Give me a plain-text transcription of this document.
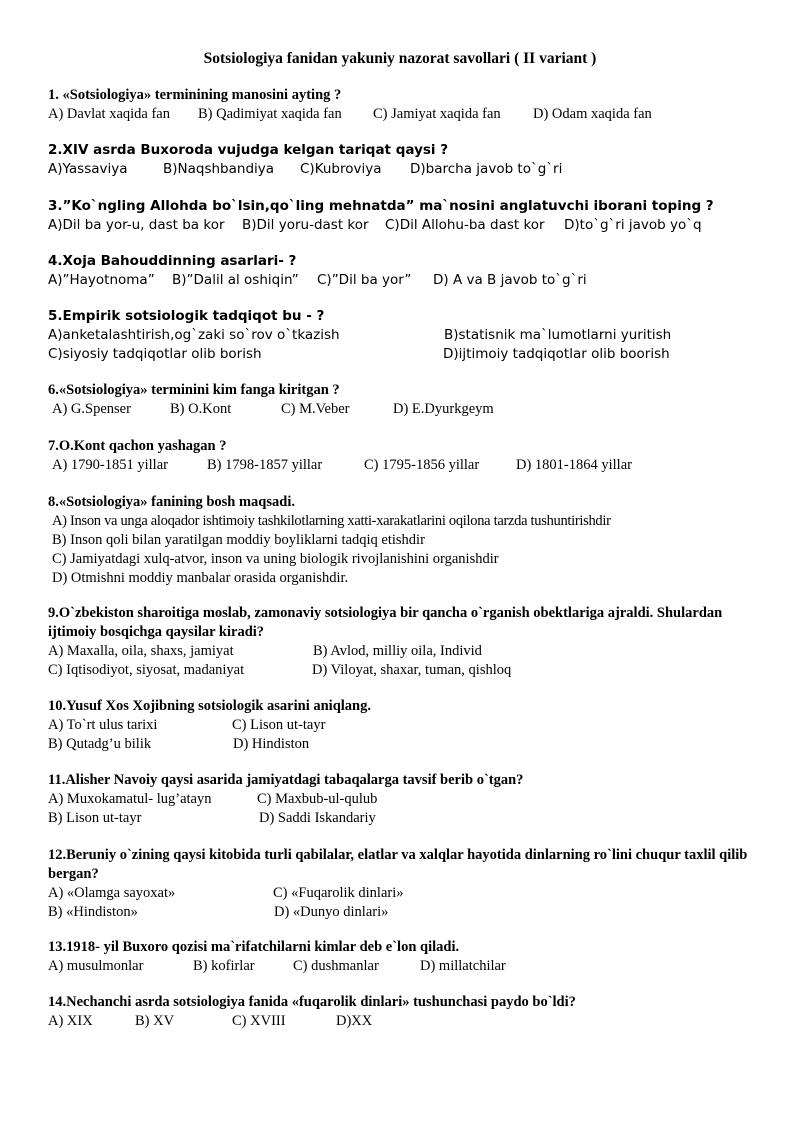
Sotsiologiya fanidan yakuniy nazorat savollari ( II variant )
1. «Sotsiologiya» terminining manosini ayting ?
A) Davlat xaqida fan B) Qadimiyat xaqida fan C) Jamiyat xaqida fan D) Odam xaqida fan
2.XIV asrda Buxoroda vujudga kelgan tariqat qaysi ?
A)Yassaviya	B)Naqshbandiya C)Kubroviya D)barcha javob to`g`ri
3.”Ko`ngling Allohda bo`lsin,qo`ling mehnatda” ma`nosini anglatuvchi iborani toping ?
A)Dil ba yor-u, dast ba kor B)Dil yoru-dast kor C)Dil Allohu-ba dast kor D)to`g`ri javob yo`q
4.Xoja Bahouddinning asarlari- ?
A)”Hayotnoma” B)”Dalil al oshiqin” C)”Dil ba yor” D) A va B javob to`g`ri
5.Empirik sotsiologik tadqiqot bu - ?
A)anketalashtirish,og`zaki so`rov o`tkazish	B)statisnik ma`lumotlarni yuritish
C)siyosiy tadqiqotlar olib borish	D)ijtimoiy tadqiqotlar olib boorish
6.«Sotsiologiya» terminini kim fanga kiritgan ?
A) G.Spenser	B) O.Kont	C) M.Veber	D) E.Dyurkgeym
7.O.Kont qachon yashagan ?
A) 1790-1851 yillar	B) 1798-1857 yillar	C) 1795-1856 yillar	D) 1801-1864 yillar
8.«Sotsiologiya» fanining bosh maqsadi.
A) Inson va unga aloqador ishtimoiy tashkilotlarning xatti-xarakatlarini oqilona tarzda tushuntirishdir
B) Inson qoli bilan yaratilgan moddiy boyliklarni tadqiq etishdir
C) Jamiyatdagi xulq-atvor, inson va uning biologik rivojlanishini organishdir
D) Otmishni moddiy manbalar orasida organishdir.
9.O`zbekiston sharoitiga moslab, zamonaviy sotsiologiya bir qancha o`rganish obektlariga ajraldi. Shulardan ijtimoiy bosqichga qaysilar kiradi?
A) Maxalla, oila, shaxs, jamiyat	B) Avlod, milliy oila, Individ
C) Iqtisodiyot, siyosat, madaniyat	D) Viloyat, shaxar, tuman, qishloq
10.Yusuf Xos Xojibning sotsiologik asarini aniqlang.
A) To`rt ulus tarixi	C) Lison ut-tayr
B) Qutadg’u bilik	D) Hindiston
11.Alisher Navoiy qaysi asarida jamiyatdagi tabaqalarga tavsif berib o`tgan?
A) Muxokamatul- lug’atayn	C) Maxbub-ul-qulub
B) Lison ut-tayr	D) Saddi Iskandariy
12.Beruniy o`zining qaysi kitobida turli qabilalar, elatlar va xalqlar hayotida dinlarning ro`lini chuqur taxlil qilib bergan?
A) «Olamga sayoxat»	C) «Fuqarolik dinlari»
B) «Hindiston»	D) «Dunyo dinlari»
13.1918- yil Buxoro qozisi ma`rifatchilarni kimlar deb e`lon qiladi.
A) musulmonlar	B) kofirlar	C) dushmanlar	D) millatchilar
14.Nechanchi asrda sotsiologiya fanida «fuqarolik dinlari» tushunchasi paydo bo`ldi?
A) XIX	B) XV	C) XVIII	D)XX
